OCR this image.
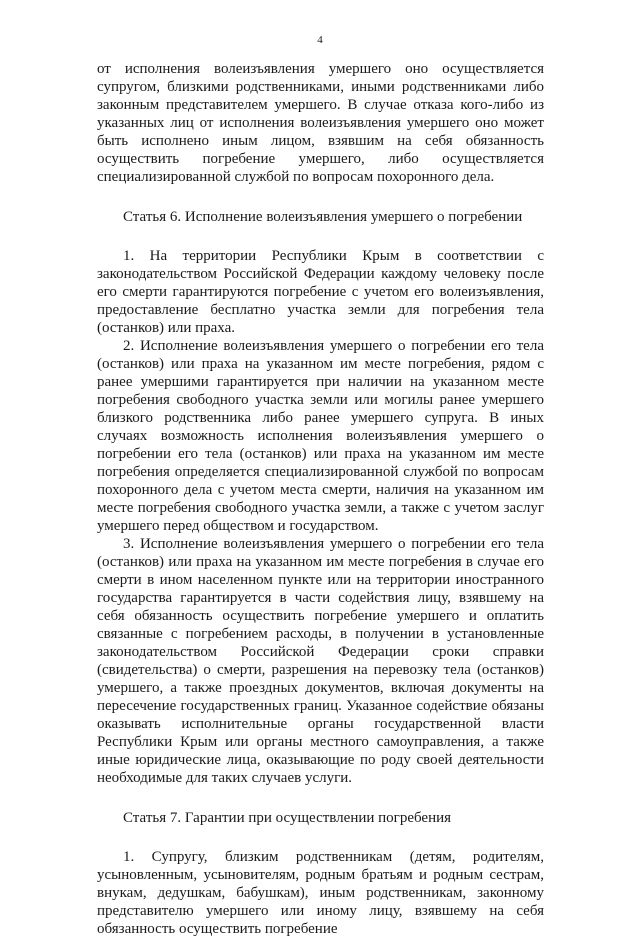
4

от исполнения волеизъявления умершего оно осуществляется супругом, близкими родственниками, иными родственниками либо законным представителем умершего. В случае отказа кого-либо из указанных лиц от исполнения волеизъявления умершего оно может быть исполнено иным лицом, взявшим на себя обязанность осуществить погребение умершего, либо осуществляется специализированной службой по вопросам похоронного дела.

Статья 6. Исполнение волеизъявления умершего о погребении

1. На территории Республики Крым в соответствии с законодательством Российской Федерации каждому человеку после его смерти гарантируются погребение с учетом его волеизъявления, предоставление бесплатно участка земли для погребения тела (останков) или праха.

2. Исполнение волеизъявления умершего о погребении его тела (останков) или праха на указанном им месте погребения, рядом с ранее умершими гарантируется при наличии на указанном месте погребения свободного участка земли или могилы ранее умершего близкого родственника либо ранее умершего супруга. В иных случаях возможность исполнения волеизъявления умершего о погребении его тела (останков) или праха на указанном им месте погребения определяется специализированной службой по вопросам похоронного дела с учетом места смерти, наличия на указанном им месте погребения свободного участка земли, а также с учетом заслуг умершего перед обществом и государством.

3. Исполнение волеизъявления умершего о погребении его тела (останков) или праха на указанном им месте погребения в случае его смерти в ином населенном пункте или на территории иностранного государства гарантируется в части содействия лицу, взявшему на себя обязанность осуществить погребение умершего и оплатить связанные с погребением расходы, в получении в установленные законодательством Российской Федерации сроки справки (свидетельства) о смерти, разрешения на перевозку тела (останков) умершего, а также проездных документов, включая документы на пересечение государственных границ. Указанное содействие обязаны оказывать исполнительные органы государственной власти Республики Крым или органы местного самоуправления, а также иные юридические лица, оказывающие по роду своей деятельности необходимые для таких случаев услуги.

Статья 7. Гарантии при осуществлении погребения

1. Супругу, близким родственникам (детям, родителям, усыновленным, усыновителям, родным братьям и родным сестрам, внукам, дедушкам, бабушкам), иным родственникам, законному представителю умершего или иному лицу, взявшему на себя обязанность осуществить погребение
